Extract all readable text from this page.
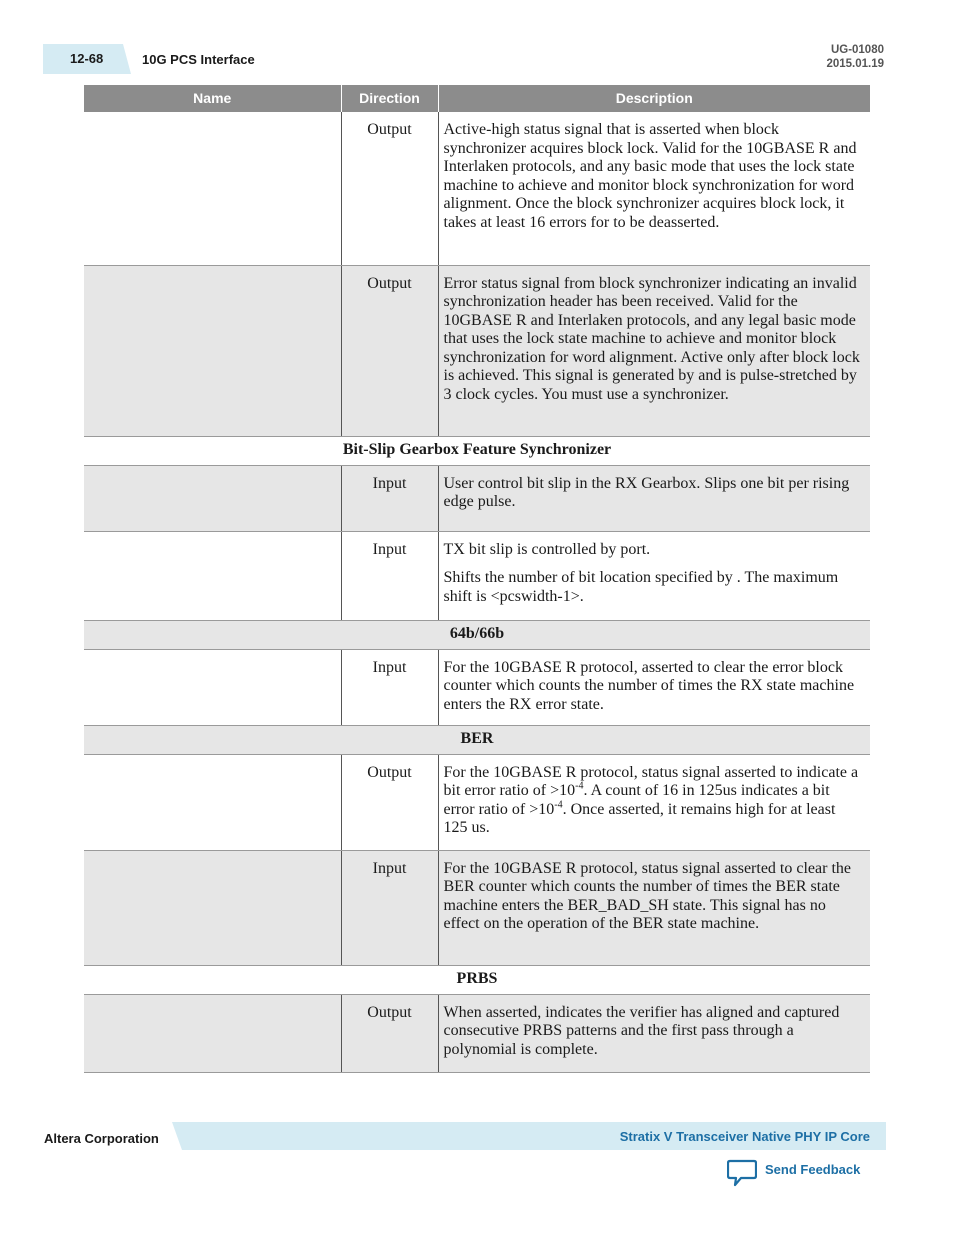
12-68	10G PCS Interface
UG-01080
2015.01.19
Name	Direction	Description
	Output	Active-high status signal that is asserted when block synchronizer acquires block lock. Valid for the 10GBASE R and Interlaken protocols, and any basic mode that uses the lock state machine to achieve and monitor block synchronization for word alignment. Once the block synchronizer acquires block lock, it takes at least 16 errors for to be deasserted.

	Output	Error status signal from block synchronizer indicating an invalid synchronization header has been received. Valid for the 10GBASE R and Interlaken protocols, and any legal basic mode that uses the lock state machine to achieve and monitor block synchronization for word alignment. Active only after block lock is achieved. This signal is generated by and is pulse-stretched by 3 clock cycles. You must use a synchronizer.

Bit-Slip Gearbox Feature Synchronizer		
	Input	User control bit slip in the RX Gearbox. Slips one bit per rising edge pulse.

	Input	TX bit slip is controlled by port.

Shifts the number of bit location specified by . The maximum shift is <pcswidth-1>.

64b/66b		
	Input	For the 10GBASE R protocol, asserted to clear the error block counter which counts the number of times the RX state machine enters the RX error state.

BER		
	Output	For the 10GBASE R protocol, status signal asserted to indicate a bit error ratio of $>10^{-4}$. A count of 16 in 125us indicates a bit error ratio of $>10^{-4}$. Once asserted, it remains high for at least 125 us.

	Input	For the 10GBASE R protocol, status signal asserted to clear the BER counter which counts the number of times the BER state machine enters the BER_BAD_SH state. This signal has no effect on the operation of the BER state machine.

PRBS		
	Output	When asserted, indicates the verifier has aligned and captured consecutive PRBS patterns and the first pass through a polynomial is complete.

Altera Corporation	Stratix V Transceiver Native PHY IP Core
Send Feedback
